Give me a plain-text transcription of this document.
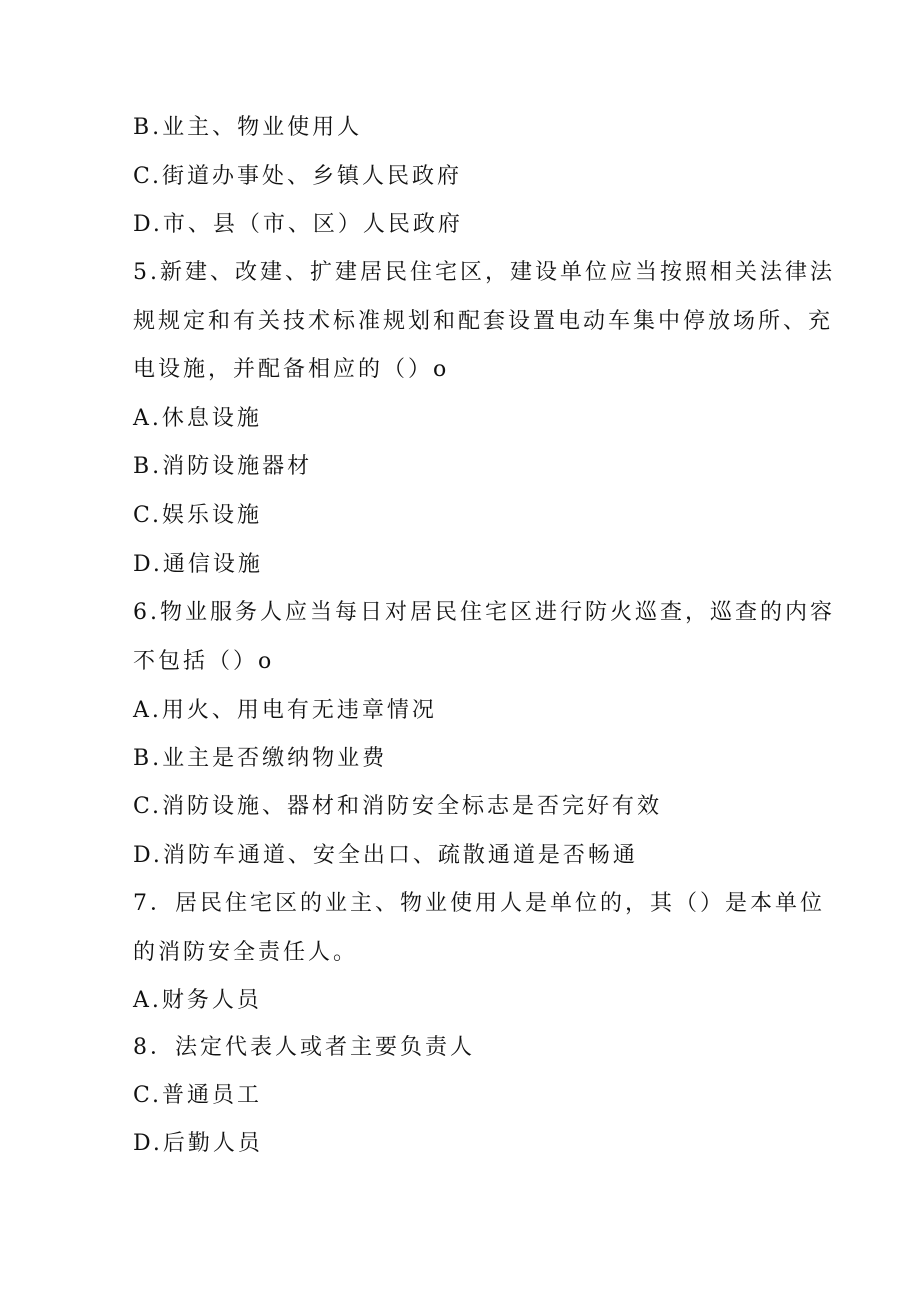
B.业主、物业使用人
C.街道办事处、乡镇人民政府
D.市、县（市、区）人民政府
5.新建、改建、扩建居民住宅区，建设单位应当按照相关法律法
规规定和有关技术标准规划和配套设置电动车集中停放场所、充
电设施，并配备相应的（）o
A.休息设施
B.消防设施器材
C.娱乐设施
D.通信设施
6.物业服务人应当每日对居民住宅区进行防火巡查，巡查的内容
不包括（）o
A.用火、用电有无违章情况
B.业主是否缴纳物业费
C.消防设施、器材和消防安全标志是否完好有效
D.消防车通道、安全出口、疏散通道是否畅通
7．居民住宅区的业主、物业使用人是单位的，其（）是本单位
的消防安全责任人。
A.财务人员
8．法定代表人或者主要负责人
C.普通员工
D.后勤人员
